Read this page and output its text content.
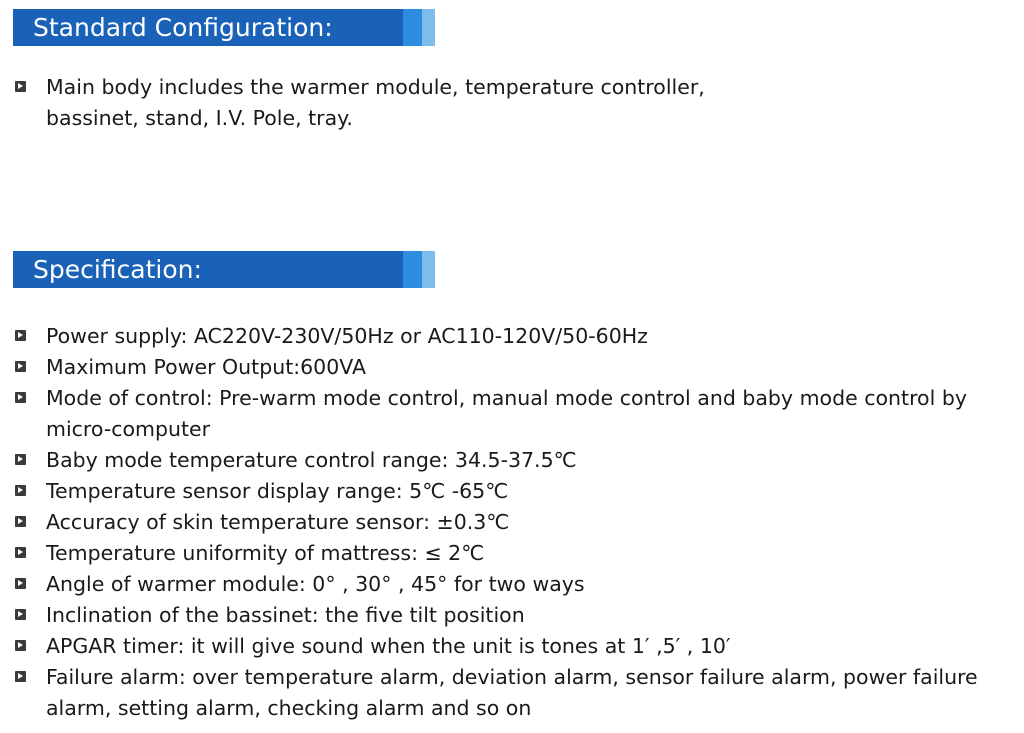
Standard Configuration:
Main body includes the warmer module, temperature controller, bassinet, stand, I.V. Pole, tray.
Specification:
Power supply: AC220V-230V/50Hz or AC110-120V/50-60Hz
Maximum Power Output:600VA
Mode of control: Pre-warm mode control, manual mode control and baby mode control by micro-computer
Baby mode temperature control range: 34.5-37.5℃
Temperature sensor display range: 5℃ -65℃
Accuracy of skin temperature sensor: ±0.3℃
Temperature uniformity of mattress: ≤ 2℃
Angle of warmer module: 0° , 30° , 45° for two ways
Inclination of the bassinet: the five tilt position
APGAR timer: it will give sound when the unit is tones at 1′ ,5′ , 10′
Failure alarm: over temperature alarm, deviation alarm, sensor failure alarm, power failure alarm, setting alarm, checking alarm and so on
